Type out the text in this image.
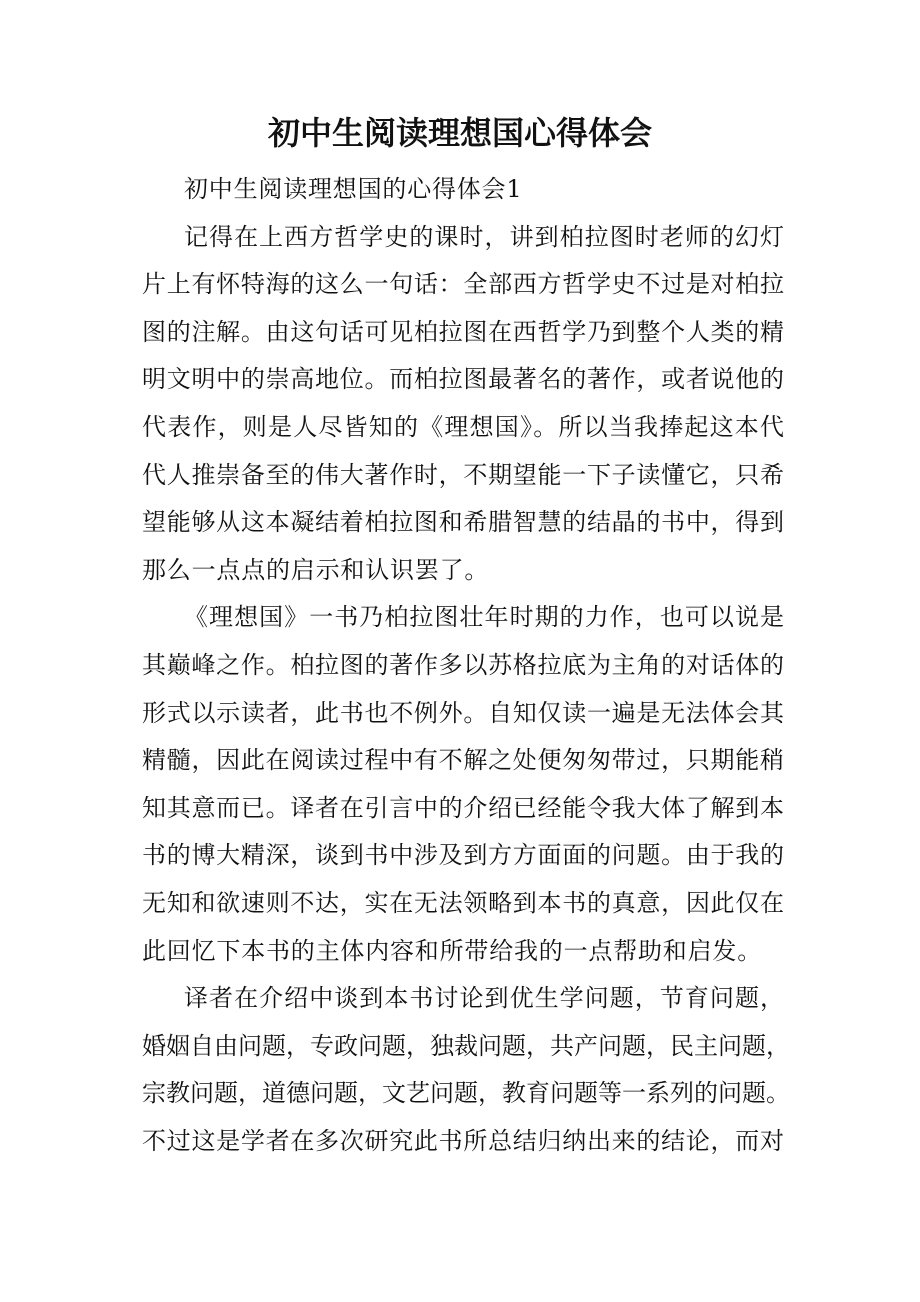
初中生阅读理想国心得体会
初中生阅读理想国的心得体会1
记得在上西方哲学史的课时，讲到柏拉图时老师的幻灯
片上有怀特海的这么一句话：全部西方哲学史不过是对柏拉
图的注解。由这句话可见柏拉图在西哲学乃到整个人类的精
明文明中的崇高地位。而柏拉图最著名的著作，或者说他的
代表作，则是人尽皆知的《理想国》。所以当我捧起这本代
代人推崇备至的伟大著作时，不期望能一下子读懂它，只希
望能够从这本凝结着柏拉图和希腊智慧的结晶的书中，得到
那么一点点的启示和认识罢了。
《理想国》一书乃柏拉图壮年时期的力作，也可以说是
其巅峰之作。柏拉图的著作多以苏格拉底为主角的对话体的
形式以示读者，此书也不例外。自知仅读一遍是无法体会其
精髓，因此在阅读过程中有不解之处便匆匆带过，只期能稍
知其意而已。译者在引言中的介绍已经能令我大体了解到本
书的博大精深，谈到书中涉及到方方面面的问题。由于我的
无知和欲速则不达，实在无法领略到本书的真意，因此仅在
此回忆下本书的主体内容和所带给我的一点帮助和启发。
译者在介绍中谈到本书讨论到优生学问题，节育问题，
婚姻自由问题，专政问题，独裁问题，共产问题，民主问题，
宗教问题，道德问题，文艺问题，教育问题等一系列的问题。
不过这是学者在多次研究此书所总结归纳出来的结论，而对
